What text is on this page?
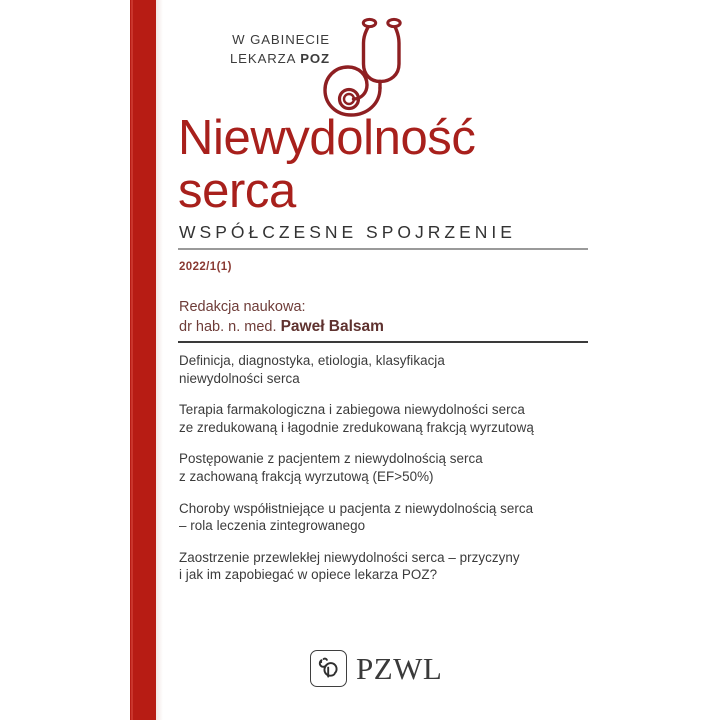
W GABINECIE
LEKARZA POZ
Niewydolność
serca
WSPÓŁCZESNE SPOJRZENIE
2022/1(1)
Redakcja naukowa:
dr hab. n. med. Paweł Balsam
Definicja, diagnostyka, etiologia, klasyfikacja
niewydolności serca
Terapia farmakologiczna i zabiegowa niewydolności serca
ze zredukowaną i łagodnie zredukowaną frakcją wyrzutową
Postępowanie z pacjentem z niewydolnością serca
z zachowaną frakcją wyrzutową (EF>50%)
Choroby współistniejące u pacjenta z niewydolnością serca
– rola leczenia zintegrowanego
Zaostrzenie przewlekłej niewydolności serca – przyczyny
i jak im zapobiegać w opiece lekarza POZ?
PZWL
